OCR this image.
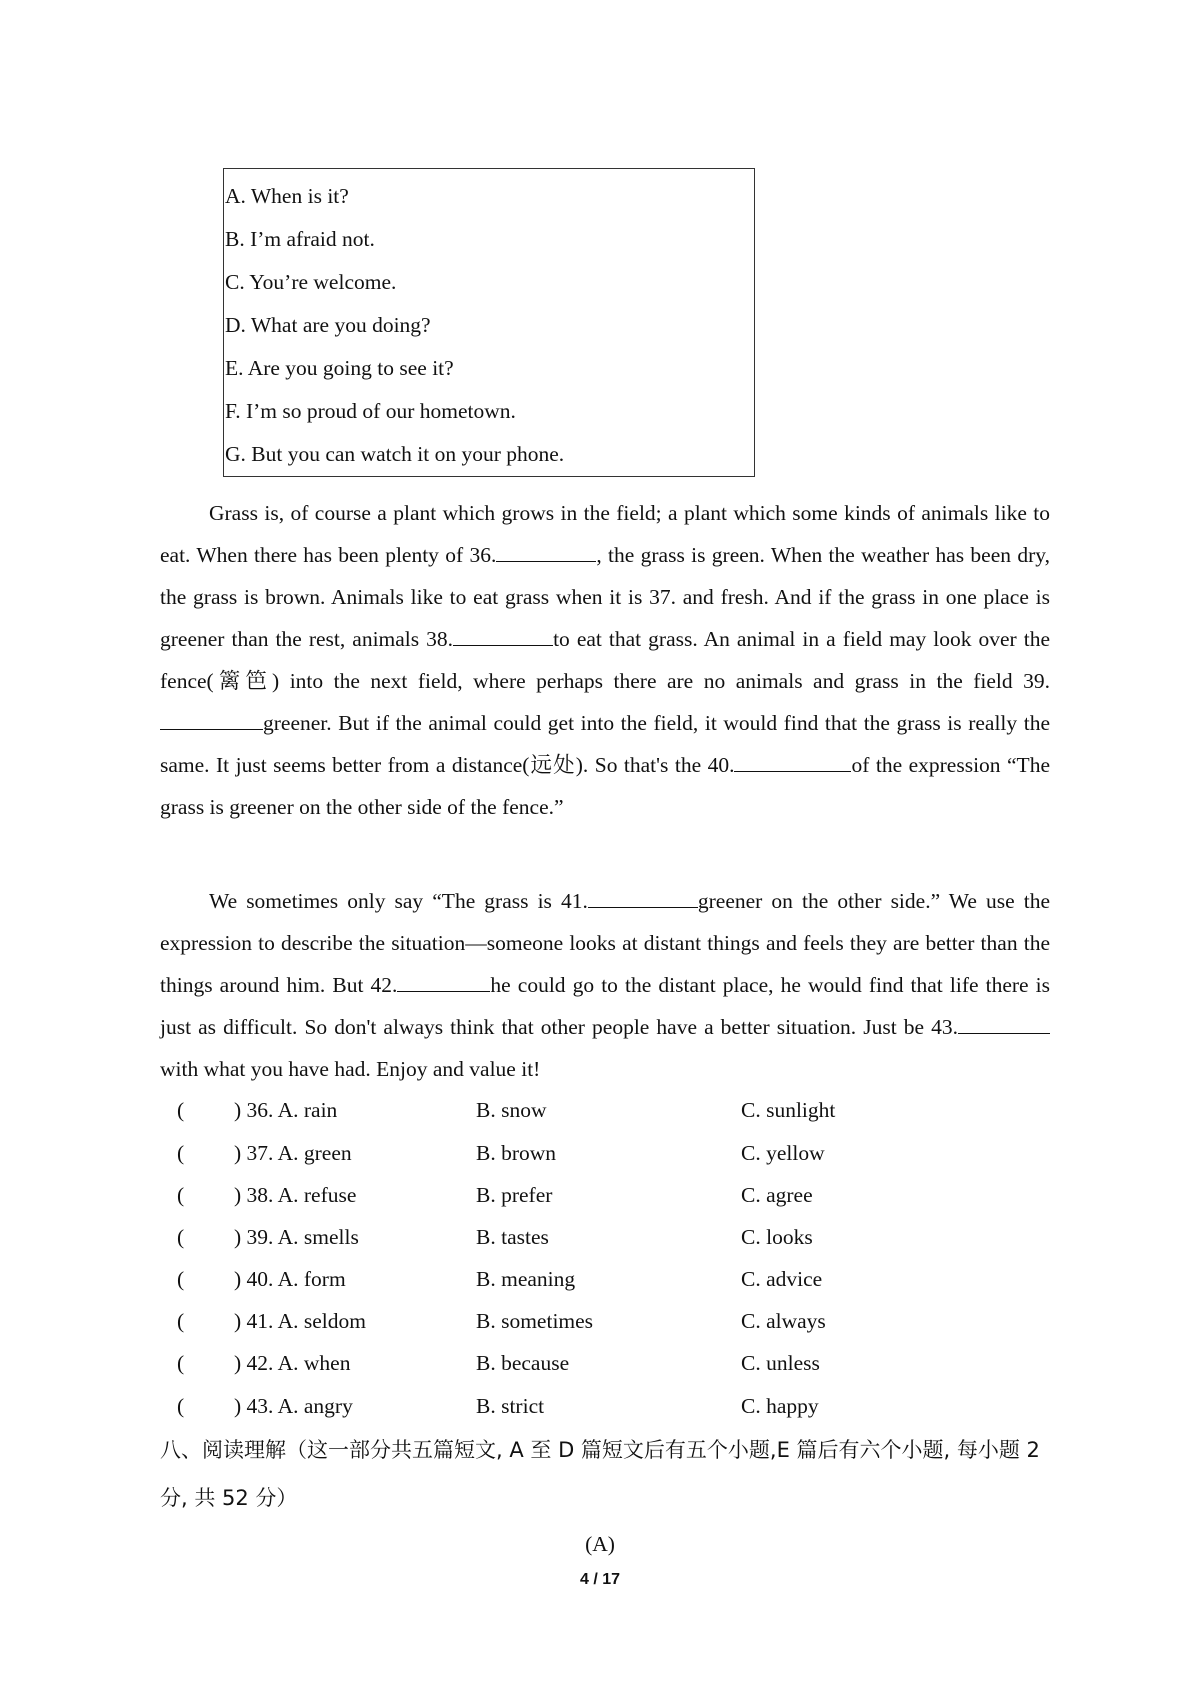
A. When is it?
B. I’m afraid not.
C. You’re welcome.
D. What are you doing?
E. Are you going to see it?
F. I’m so proud of our hometown.
G. But you can watch it on your phone.
Grass is, of course a plant which grows in the field; a plant which some kinds of animals like to eat. When there has been plenty of 36.	, the grass is green. When the weather has been dry, the grass is brown. Animals like to eat grass when it is 37. and fresh. And if the grass in one place is greener than the rest, animals 38.	to eat that grass. An animal in a field may look over the fence(篱笆) into the next field, where perhaps there are no animals and grass in the field 39.greener. But if the animal could get into the field, it would find that the grass is really the same. It just seems better from a distance(远处). So that's the 40.	of the expression “The grass is greener on the other side of the fence.”
We sometimes only say “The grass is 41.	greener on the other side.” We use the expression to describe the situation—someone looks at distant things and feels they are better than the things around him. But 42.	he could go to the distant place, he would find that life there is just as difficult. So don't always think that other people have a better situation. Just be 43.with what you have had. Enjoy and value it!
( ) 36. A. rain	B. snow	C. sunlight
( ) 37. A. green	B. brown	C. yellow
( ) 38. A. refuse	B. prefer	C. agree
( ) 39. A. smells	B. tastes	C. looks
( ) 40. A. form	B. meaning	C. advice
( ) 41. A. seldom	B. sometimes	C. always
( ) 42. A. when	B. because	C. unless
( ) 43. A. angry	B. strict	C. happy
八、阅读理解（这一部分共五篇短文, A 至 D 篇短文后有五个小题,E 篇后有六个小题, 每小题 2 分, 共 52 分）
(A)
4 / 17
